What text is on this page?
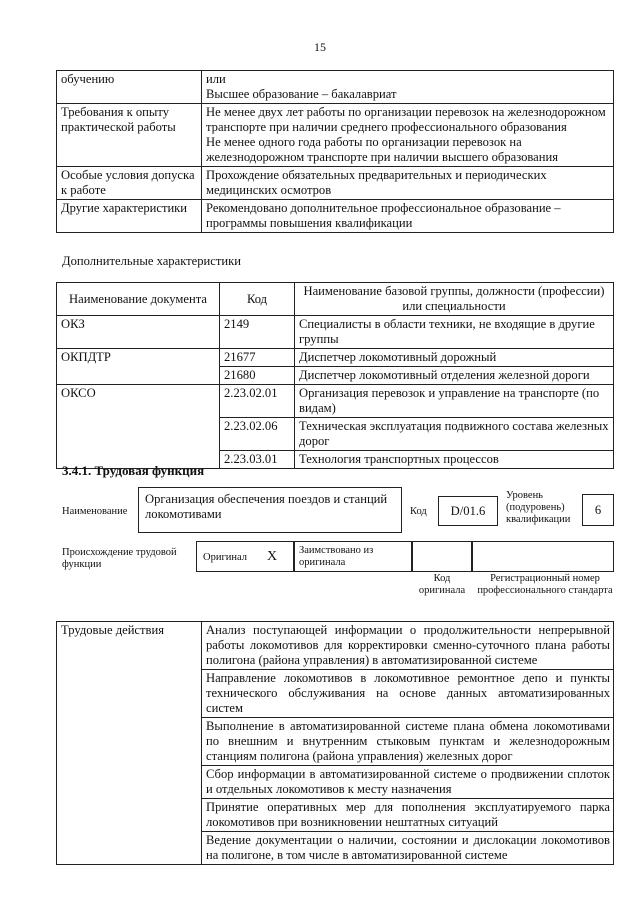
15
обучению	или
Высшее образование – бакалавриат

Требования к опыту практической работы	Не менее двух лет работы по организации перевозок на железнодорожном транспорте при наличии среднего профессионального образования
Не менее одного года работы по организации перевозок на железнодорожном транспорте при наличии высшего образования

Особые условия допуска к работе	Прохождение обязательных предварительных и периодических медицинских осмотров
Другие характеристики	Рекомендовано дополнительное профессиональное образование – программы повышения квалификации
Дополнительные характеристики
Наименование документа	Код	Наименование базовой группы, должности (профессии) или специальности
ОКЗ	2149	Специалисты в области техники, не входящие в другие группы
ОКПДТР	21677	Диспетчер локомотивный дорожный
	21680	Диспетчер локомотивный отделения железной дороги
ОКСО	2.23.02.01	Организация перевозок и управление на транспорте (по видам)
	2.23.02.06	Техническая эксплуатация подвижного состава железных дорог
	2.23.03.01	Технология транспортных процессов
3.4.1. Трудовая функция
Наименование
Организация обеспечения поездов и станций локомотивами	Код	D/01.6
Уровень (подуровень) квалификации
6
Происхождение трудовой функции
Оригинал X	Заимствовано из оригинала
Код оригинала
Регистрационный номер профессионального стандарта
Трудовые действия	Анализ поступающей информации о продолжительности непрерывной работы локомотивов для корректировки сменно-суточного плана работы полигона (района управления) в автоматизированной системе
Направление локомотивов в локомотивное ремонтное депо и пункты технического обслуживания на основе данных автоматизированных систем
Выполнение в автоматизированной системе плана обмена локомотивами по внешним и внутренним стыковым пунктам и железнодорожным станциям полигона (района управления) железных дорог
Сбор информации в автоматизированной системе о продвижении сплоток и отдельных локомотивов к месту назначения
Принятие оперативных мер для пополнения эксплуатируемого парка локомотивов при возникновении нештатных ситуаций
Ведение документации о наличии, состоянии и дислокации локомотивов на полигоне, в том числе в автоматизированной системе
